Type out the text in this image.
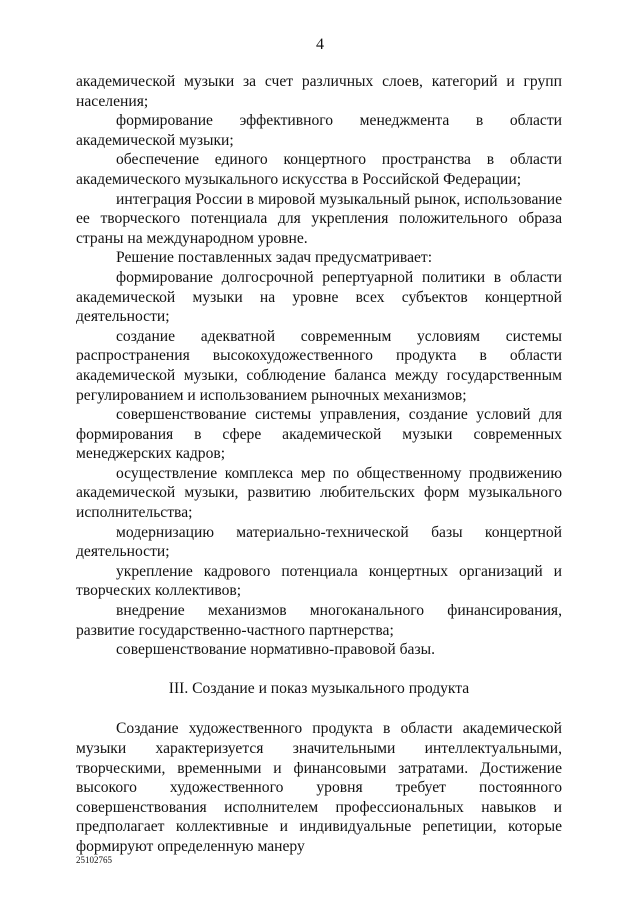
4
академической музыки за счет различных слоев, категорий и групп населения;
формирование эффективного менеджмента в области академической музыки;
обеспечение единого концертного пространства в области академического музыкального искусства в Российской Федерации;
интеграция России в мировой музыкальный рынок, использование ее творческого потенциала для укрепления положительного образа страны на международном уровне.
Решение поставленных задач предусматривает:
формирование долгосрочной репертуарной политики в области академической музыки на уровне всех субъектов концертной деятельности;
создание адекватной современным условиям системы распространения высокохудожественного продукта в области академической музыки, соблюдение баланса между государственным регулированием и использованием рыночных механизмов;
совершенствование системы управления, создание условий для формирования в сфере академической музыки современных менеджерских кадров;
осуществление комплекса мер по общественному продвижению академической музыки, развитию любительских форм музыкального исполнительства;
модернизацию материально-технической базы концертной деятельности;
укрепление кадрового потенциала концертных организаций и творческих коллективов;
внедрение механизмов многоканального финансирования, развитие государственно-частного партнерства;
совершенствование нормативно-правовой базы.
III. Создание и показ музыкального продукта
Создание художественного продукта в области академической музыки характеризуется значительными интеллектуальными, творческими, временными и финансовыми затратами. Достижение высокого художественного уровня требует постоянного совершенствования исполнителем профессиональных навыков и предполагает коллективные и индивидуальные репетиции, которые формируют определенную манеру
25102765
